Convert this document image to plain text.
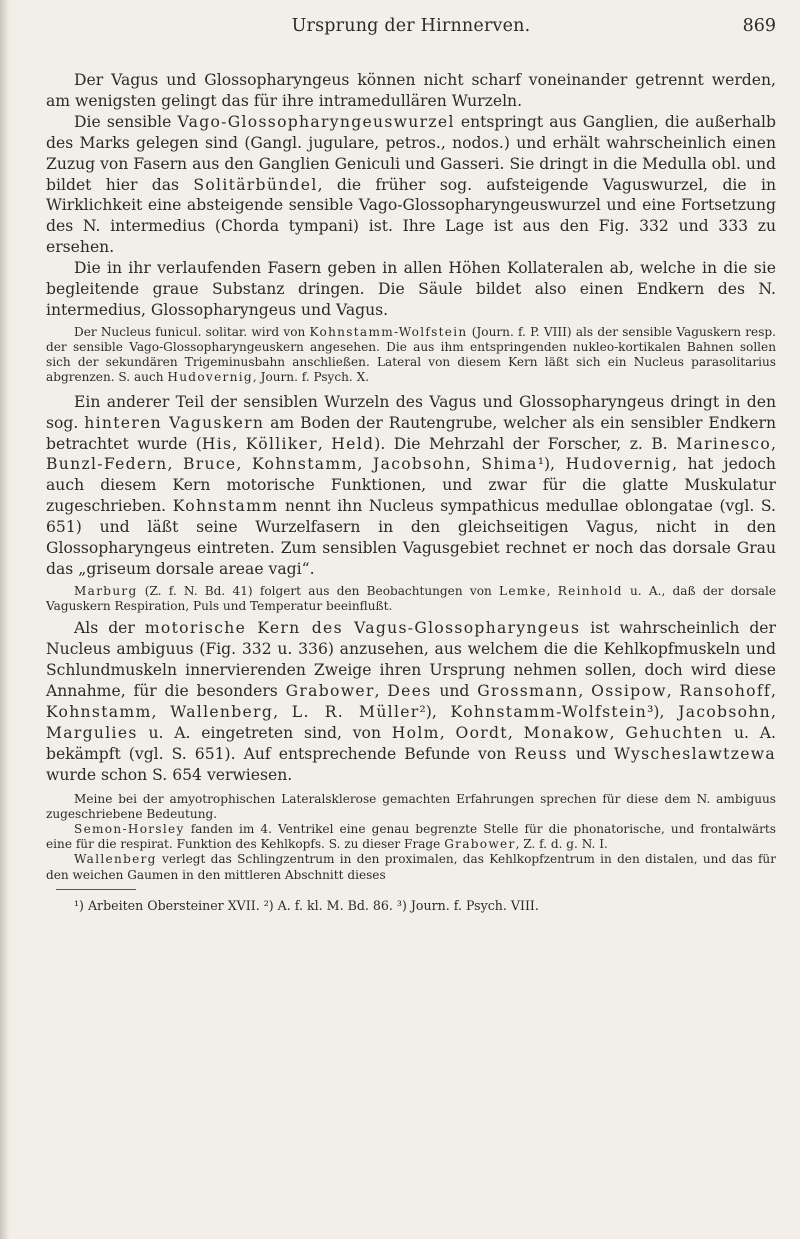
Ursprung der Hirnnerven.	869

Der Vagus und Glossopharyngeus können nicht scharf voneinander getrennt werden, am wenigsten gelingt das für ihre intramedullären Wurzeln.

Die sensible Vago-Glossopharyngeuswurzel entspringt aus Ganglien, die außerhalb des Marks gelegen sind (Gangl. jugulare, petros., nodos.) und erhält wahrscheinlich einen Zuzug von Fasern aus den Ganglien Geniculi und Gasseri. Sie dringt in die Medulla obl. und bildet hier das Solitärbündel, die früher sog. aufsteigende Vaguswurzel, die in Wirklichkeit eine absteigende sensible Vago-Glossopharyngeuswurzel und eine Fortsetzung des N. intermedius (Chorda tympani) ist. Ihre Lage ist aus den Fig. 332 und 333 zu ersehen.

Die in ihr verlaufenden Fasern geben in allen Höhen Kollateralen ab, welche in die sie begleitende graue Substanz dringen. Die Säule bildet also einen Endkern des N. intermedius, Glossopharyngeus und Vagus.

Der Nucleus funicul. solitar. wird von Kohnstamm-Wolfstein (Journ. f. P. VIII) als der sensible Vaguskern resp. der sensible Vago-Glossopharyngeuskern angesehen. Die aus ihm entspringenden nukleo-kortikalen Bahnen sollen sich der sekundären Trigeminusbahn anschließen. Lateral von diesem Kern läßt sich ein Nucleus parasolitarius abgrenzen. S. auch Hudovernig, Journ. f. Psych. X.

Ein anderer Teil der sensiblen Wurzeln des Vagus und Glossopharyngeus dringt in den sog. hinteren Vaguskern am Boden der Rautengrube, welcher als ein sensibler Endkern betrachtet wurde (His, Kölliker, Held). Die Mehrzahl der Forscher, z. B. Marinesco, Bunzl-Federn, Bruce, Kohnstamm, Jacobsohn, Shima¹), Hudovernig, hat jedoch auch diesem Kern motorische Funktionen, und zwar für die glatte Muskulatur zugeschrieben. Kohnstamm nennt ihn Nucleus sympathicus medullae oblongatae (vgl. S. 651) und läßt seine Wurzelfasern in den gleichseitigen Vagus, nicht in den Glossopharyngeus eintreten. Zum sensiblen Vagusgebiet rechnet er noch das dorsale Grau das „griseum dorsale areae vagi“.

Marburg (Z. f. N. Bd. 41) folgert aus den Beobachtungen von Lemke, Reinhold u. A., daß der dorsale Vaguskern Respiration, Puls und Temperatur beeinflußt.

Als der motorische Kern des Vagus-Glossopharyngeus ist wahrscheinlich der Nucleus ambiguus (Fig. 332 u. 336) anzusehen, aus welchem die die Kehlkopfmuskeln und Schlundmuskeln innervierenden Zweige ihren Ursprung nehmen sollen, doch wird diese Annahme, für die besonders Grabower, Dees und Grossmann, Ossipow, Ransohoff, Kohnstamm, Wallenberg, L. R. Müller²), Kohnstamm-Wolfstein³), Jacobsohn, Margulies u. A. eingetreten sind, von Holm, Oordt, Monakow, Gehuchten u. A. bekämpft (vgl. S. 651). Auf entsprechende Befunde von Reuss und Wyscheslawtzewa wurde schon S. 654 verwiesen.

Meine bei der amyotrophischen Lateralsklerose gemachten Erfahrungen sprechen für diese dem N. ambiguus zugeschriebene Bedeutung.

Semon-Horsley fanden im 4. Ventrikel eine genau begrenzte Stelle für die phonatorische, und frontalwärts eine für die respirat. Funktion des Kehlkopfs. S. zu dieser Frage Grabower, Z. f. d. g. N. I.

Wallenberg verlegt das Schlingzentrum in den proximalen, das Kehlkopfzentrum in den distalen, und das für den weichen Gaumen in den mittleren Abschnitt dieses

¹) Arbeiten Obersteiner XVII. ²) A. f. kl. M. Bd. 86. ³) Journ. f. Psych. VIII.
